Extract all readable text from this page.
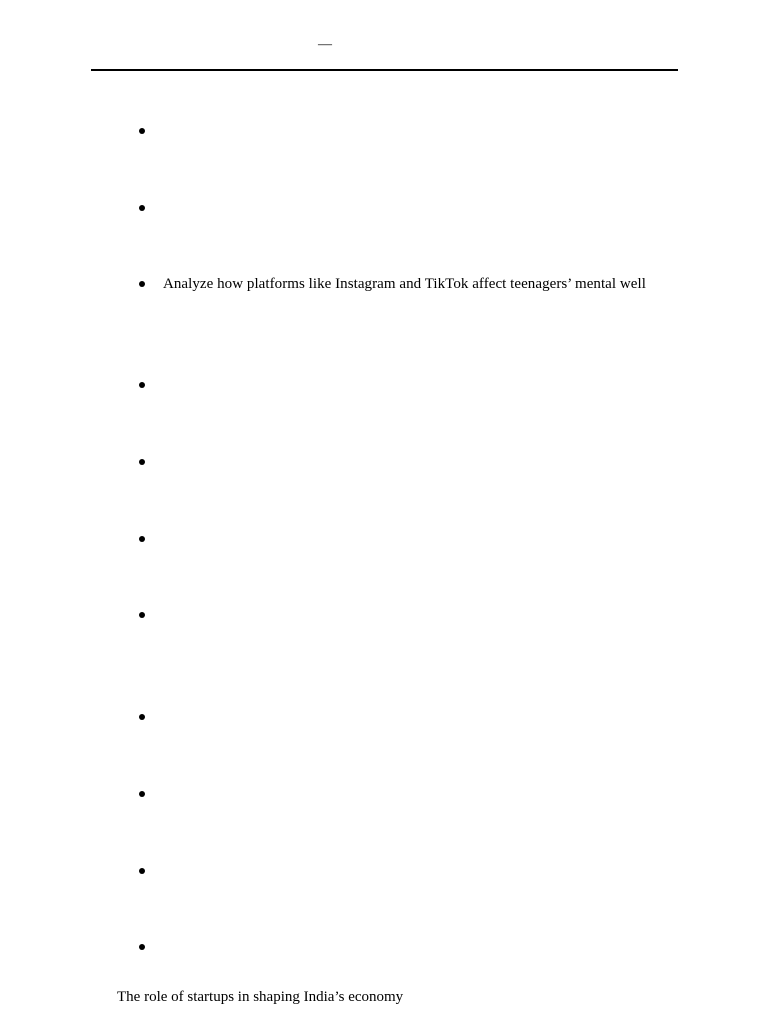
—
Analyze how platforms like Instagram and TikTok affect teenagers’ mental well
The role of startups in shaping India’s economy
